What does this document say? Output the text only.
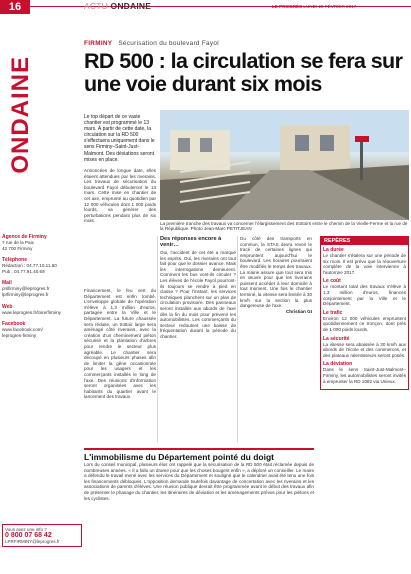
16	ACTU ONDAINE	LE PROGRÈS LUNDI 20 FÉVRIER 2017
ONDAINE
Agence de Firminy
7 rue de la Paix
42 700 Firminy
Téléphone
Rédaction : 04.77.10.11.60
Pub : 04.77.91.40.69
Mail
pnlfirminy@leprogres.fr
lprfirminy@leprogres.fr
Web
www.leprogres.fr/loire/firminy
Facebook
www.facebook.com/
leprogres-firminy
Vous avez une info ?
0 800 07 68 42
LPRFIRMINY@leprogres.fr
FIRMINY Sécurisation du boulevard Fayol
RD 500 : la circulation se fera sur une voie durant six mois
Le top départ de ce vaste chantier est programmé le 13 mars. À partir de cette date, la circulation sur la RD 500 s'effectuera uniquement dans le sens Firminy–Saint-Just-Malmont. Des déviations seront mises en place.
La première tranche des travaux va concerner l'élargissement des trottoirs entre le chemin de la Vieille-Ferme et la rue de la République. Photo Jean-Marc PETITJEAN
Annoncées de longue date, elles étaient attendues par les riverains. Les travaux de sécurisation du boulevard Fayol débuteront le 13 mars. Cette mise en chantier de cet axe, emprunté au quotidien par 12 000 véhicules dont 1 000 poids lourds, va générer des perturbations pendant plus de six mois.
Financement, le feu vert du Département est enfin tombé. L'enveloppe globale de l'opération s'élève à 1,3 million d'euros, partagée entre la Ville et le Département. La future chaussée sera réduite, un trottoir large sera aménagé côté riverains, avec la création d'un cheminement piéton sécurisé et la plantation d'arbres pour rendre le secteur plus agréable. Le chantier sera découpé en plusieurs phases afin de limiter la gêne occasionnée pour les usagers et les commerçants installés le long de l'axe. Des réunions d'information seront organisées avec les habitants du quartier avant le lancement des travaux.
Des réponses encore à venir…
Oui, l'accident de cet été a marqué les esprits. Oui, les riverains ont tout fait pour que le dossier avance. Mais les interrogations demeurent. Comment les bus vont-ils circuler ? Les élèves de l'école Fayol pourront-ils toujours se rendre à pied en classe ? Pour l'instant, les services techniques planchent sur un plan de circulation provisoire. Des panneaux seront installés aux abords de l'axe dès la fin du mois pour prévenir les automobilistes. Les commerçants du secteur redoutent une baisse de fréquentation durant la période du chantier.
Du côté des transports en commun, la STAS devra revoir le tracé de certaines lignes qui empruntent aujourd'hui le boulevard. Les horaires pourraient être modifiés le temps des travaux. La mairie assure que tout sera mis en œuvre pour que les riverains puissent accéder à leur domicile à tout moment. Une fois le chantier terminé, la vitesse sera limitée à 30 km/h sur la section la plus dangereuse de l'axe.
Christian GI
REPÈRES
La durée
Le chantier s'étalera sur une période de six mois. Il est prévu que la réouverture complète de la voie intervienne à l'automne 2017.
Le coût
Le montant total des travaux s'élève à 1,3 million d'euros, financés conjointement par la Ville et le Département.
Le trafic
Environ 12 000 véhicules empruntent quotidiennement ce tronçon, dont près de 1 000 poids lourds.
La sécurité
La vitesse sera abaissée à 30 km/h aux abords de l'école et des commerces, et des plateaux ralentisseurs seront posés.
La déviation
Dans le sens Saint-Just-Malmont–Firminy, les automobilistes seront invités à emprunter la RD 1082 via Unieux.
L'immobilisme du Département pointé du doigt
Lors du conseil municipal, plusieurs élus ont rappelé que la sécurisation de la RD 500 était réclamée depuis de nombreuses années. « Il a fallu un drame pour que les choses bougent enfin », a déploré un conseiller. Le maire a défendu le travail mené avec les services du Département et souligné que le calendrier avait été tenu une fois les financements débloqués. L'opposition demande toutefois davantage de concertation avec les riverains et les associations de parents d'élèves. Une réunion publique devrait être programmée avant le début des travaux afin de présenter le phasage du chantier, les itinéraires de déviation et les aménagements prévus pour les piétons et les cyclistes.
